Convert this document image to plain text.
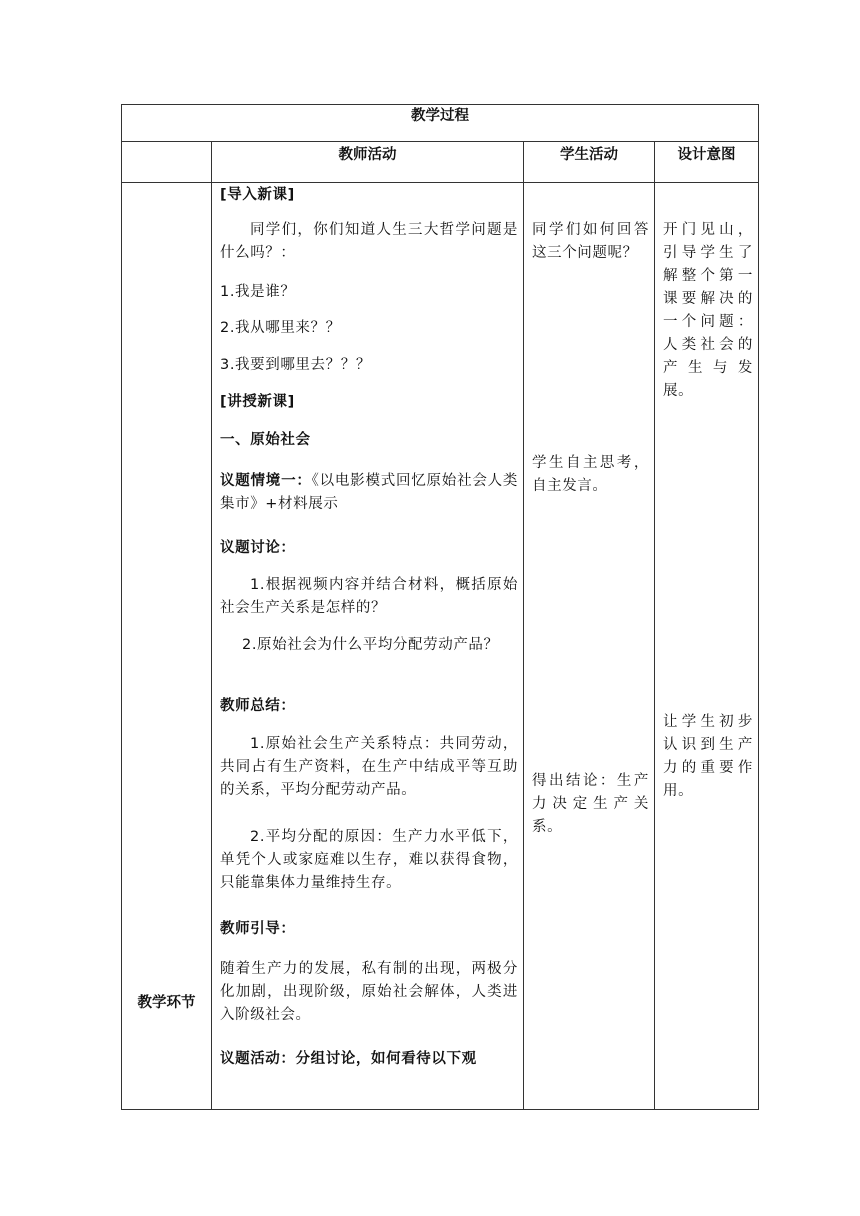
教学过程
教师活动	学生活动	设计意图
教学环节
[导入新课]
同学们，你们知道人生三大哲学问题是什么吗？：
1.我是谁？
2.我从哪里来？？
3.我要到哪里去？？？
[讲授新课]
一、原始社会
议题情境一：《以电影模式回忆原始社会人类集市》+材料展示
议题讨论：
1.根据视频内容并结合材料，概括原始社会生产关系是怎样的？
2.原始社会为什么平均分配劳动产品？
教师总结：
1.原始社会生产关系特点：共同劳动，共同占有生产资料，在生产中结成平等互助的关系，平均分配劳动产品。
2.平均分配的原因：生产力水平低下，单凭个人或家庭难以生存，难以获得食物，只能靠集体力量维持生存。
教师引导：
随着生产力的发展，私有制的出现，两极分化加剧，出现阶级，原始社会解体，人类进入阶级社会。
议题活动：分组讨论，如何看待以下观
同学们如何回答这三个问题呢？
学生自主思考，自主发言。
得出结论：生产力决定生产关系。
开门见山，引导学生了解整个第一课要解决的一个问题：人类社会的产生与发展。
让学生初步认识到生产力的重要作用。
